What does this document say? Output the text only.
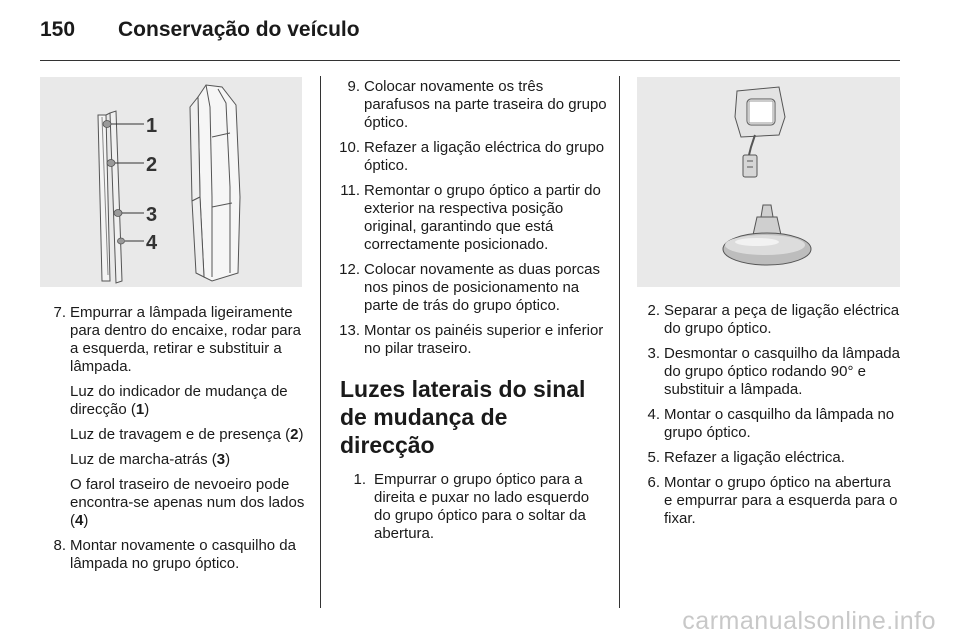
150 Conservação do veículo
1
2
3
4
7. Empurrar a lâmpada ligeiramente para dentro do encaixe, rodar para a esquerda, retirar e substituir a lâmpada.
Luz do indicador de mudança de direcção (1)
Luz de travagem e de presença (2)
Luz de marcha-atrás (3)
O farol traseiro de nevoeiro pode encontra-se apenas num dos lados (4)
8. Montar novamente o casquilho da lâmpada no grupo óptico.
9. Colocar novamente os três parafusos na parte traseira do grupo óptico.
10. Refazer a ligação eléctrica do grupo óptico.
11. Remontar o grupo óptico a partir do exterior na respectiva posição original, garantindo que está correctamente posicionado.
12. Colocar novamente as duas porcas nos pinos de posicionamento na parte de trás do grupo óptico.
13. Montar os painéis superior e inferior no pilar traseiro.
Luzes laterais do sinal de mudança de direcção
1. Empurrar o grupo óptico para a direita e puxar no lado esquerdo do grupo óptico para o soltar da abertura.
2. Separar a peça de ligação eléctrica do grupo óptico.
3. Desmontar o casquilho da lâmpada do grupo óptico rodando 90° e substituir a lâmpada.
4. Montar o casquilho da lâmpada no grupo óptico.
5. Refazer a ligação eléctrica.
6. Montar o grupo óptico na abertura e empurrar para a esquerda para o fixar.
carmanualsonline.info
